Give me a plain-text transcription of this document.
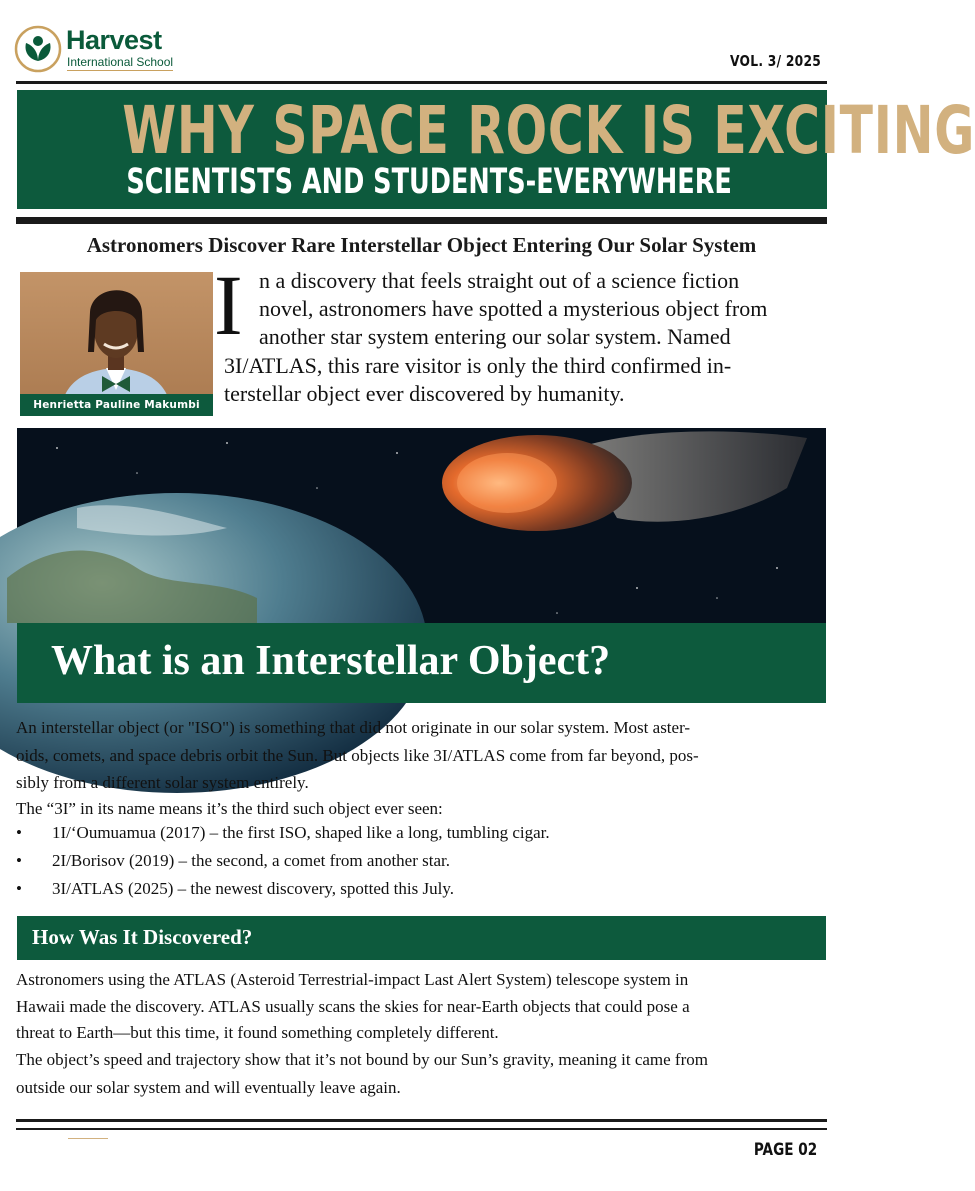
Harvest
International School	VOL. 3/ 2025
WHY SPACE ROCK IS EXCITING
SCIENTISTS AND STUDENTS-EVERYWHERE
Astronomers Discover Rare Interstellar Object Entering Our Solar System
Henrietta Pauline Makumbi
I n a discovery that feels straight out of a science fiction
novel, astronomers have spotted a mysterious object from
another star system entering our solar system. Named
3I/ATLAS, this rare visitor is only the third confirmed in-
terstellar object ever discovered by humanity.
What is an Interstellar Object?
An interstellar object (or "ISO") is something that did not originate in our solar system. Most aster-
oids, comets, and space debris orbit the Sun. But objects like 3I/ATLAS come from far beyond, pos-
sibly from a different solar system entirely.
The “3I” in its name means it’s the third such object ever seen:
• 1I/‘Oumuamua (2017) – the first ISO, shaped like a long, tumbling cigar.
• 2I/Borisov (2019) – the second, a comet from another star.
• 3I/ATLAS (2025) – the newest discovery, spotted this July.
How Was It Discovered?
Astronomers using the ATLAS (Asteroid Terrestrial-impact Last Alert System) telescope system in
Hawaii made the discovery. ATLAS usually scans the skies for near-Earth objects that could pose a
threat to Earth—but this time, it found something completely different.
The object’s speed and trajectory show that it’s not bound by our Sun’s gravity, meaning it came from
outside our solar system and will eventually leave again.
PAGE 02
